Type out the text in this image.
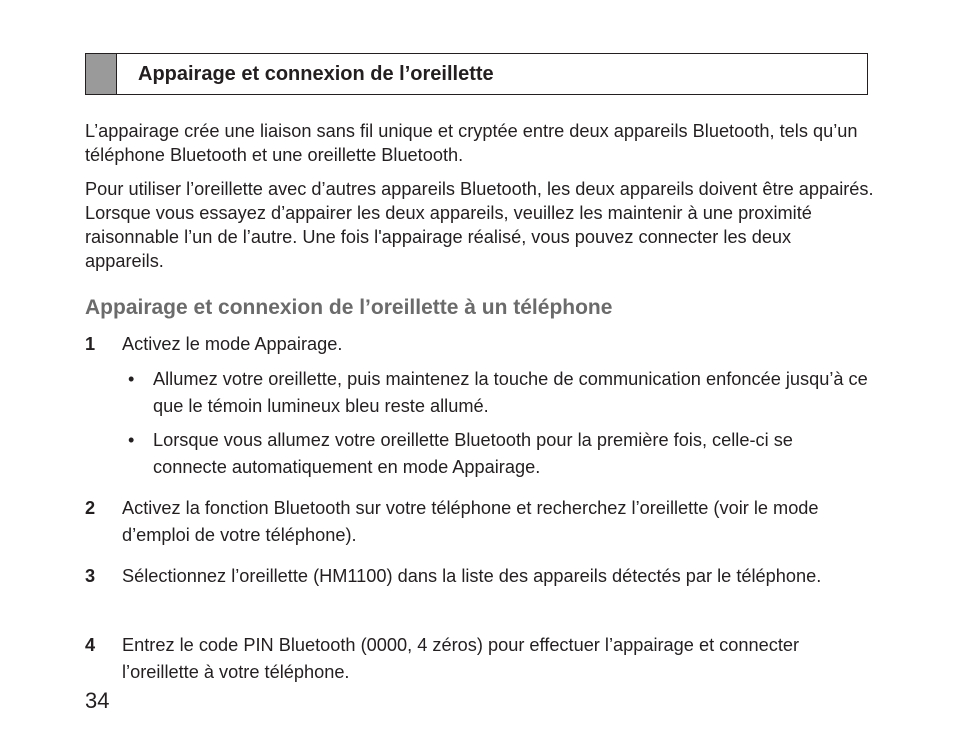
Appairage et connexion de l’oreillette

L’appairage crée une liaison sans fil unique et cryptée entre deux appareils Bluetooth, tels qu’un téléphone Bluetooth et une oreillette Bluetooth.

Pour utiliser l’oreillette avec d’autres appareils Bluetooth, les deux appareils doivent être appairés. Lorsque vous essayez d’appairer les deux appareils, veuillez les maintenir à une proximité raisonnable l’un de l’autre. Une fois l'appairage réalisé, vous pouvez connecter les deux appareils.

Appairage et connexion de l’oreillette à un téléphone
1 Activez le mode Appairage.
• Allumez votre oreillette, puis maintenez la touche de communication enfoncée jusqu’à ce que le témoin lumineux bleu reste allumé.
• Lorsque vous allumez votre oreillette Bluetooth pour la première fois, celle-ci se connecte automatiquement en mode Appairage.
2 Activez la fonction Bluetooth sur votre téléphone et recherchez l’oreillette (voir le mode d’emploi de votre téléphone).
3 Sélectionnez l’oreillette (HM1100) dans la liste des appareils détectés par le téléphone.
4 Entrez le code PIN Bluetooth (0000, 4 zéros) pour effectuer l’appairage et connecter l’oreillette à votre téléphone.
34
